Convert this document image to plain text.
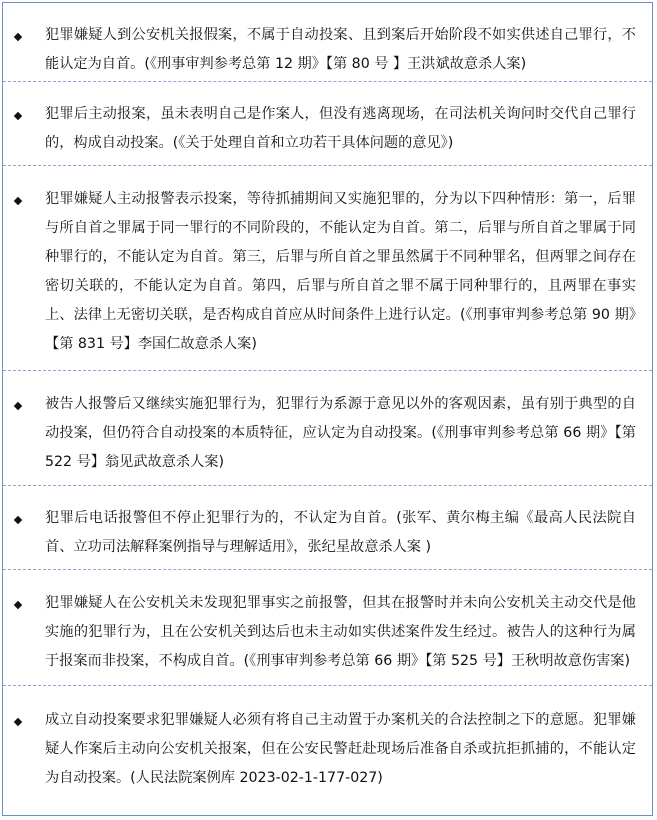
犯罪嫌疑人到公安机关报假案，不属于自动投案、且到案后开始阶段不如实供述自己罪行，不能认定为自首。(《刑事审判参考总第 12 期》【第 80 号 】王洪斌故意杀人案)
犯罪后主动报案，虽未表明自己是作案人，但没有逃离现场，在司法机关询问时交代自己罪行的，构成自动投案。(《关于处理自首和立功若干具体问题的意见》)
犯罪嫌疑人主动报警表示投案，等待抓捕期间又实施犯罪的，分为以下四种情形：第一，后罪与所自首之罪属于同一罪行的不同阶段的，不能认定为自首。第二，后罪与所自首之罪属于同种罪行的，不能认定为自首。第三，后罪与所自首之罪虽然属于不同种罪名，但两罪之间存在密切关联的，不能认定为自首。第四，后罪与所自首之罪不属于同种罪行的，且两罪在事实上、法律上无密切关联，是否构成自首应从时间条件上进行认定。(《刑事审判参考总第 90 期》【第 831 号】李国仁故意杀人案)
被告人报警后又继续实施犯罪行为，犯罪行为系源于意见以外的客观因素，虽有别于典型的自动投案，但仍符合自动投案的本质特征，应认定为自动投案。(《刑事审判参考总第 66 期》【第 522 号】翁见武故意杀人案)
犯罪后电话报警但不停止犯罪行为的，不认定为自首。(张军、黄尔梅主编《最高人民法院自首、立功司法解释案例指导与理解适用》，张纪星故意杀人案 )
犯罪嫌疑人在公安机关未发现犯罪事实之前报警，但其在报警时并未向公安机关主动交代是他实施的犯罪行为，且在公安机关到达后也未主动如实供述案件发生经过。被告人的这种行为属于报案而非投案，不构成自首。(《刑事审判参考总第 66 期》【第 525 号】王秋明故意伤害案)
成立自动投案要求犯罪嫌疑人必须有将自己主动置于办案机关的合法控制之下的意愿。犯罪嫌疑人作案后主动向公安机关报案，但在公安民警赶赴现场后准备自杀或抗拒抓捕的，不能认定为自动投案。(人民法院案例库 2023-02-1-177-027)
